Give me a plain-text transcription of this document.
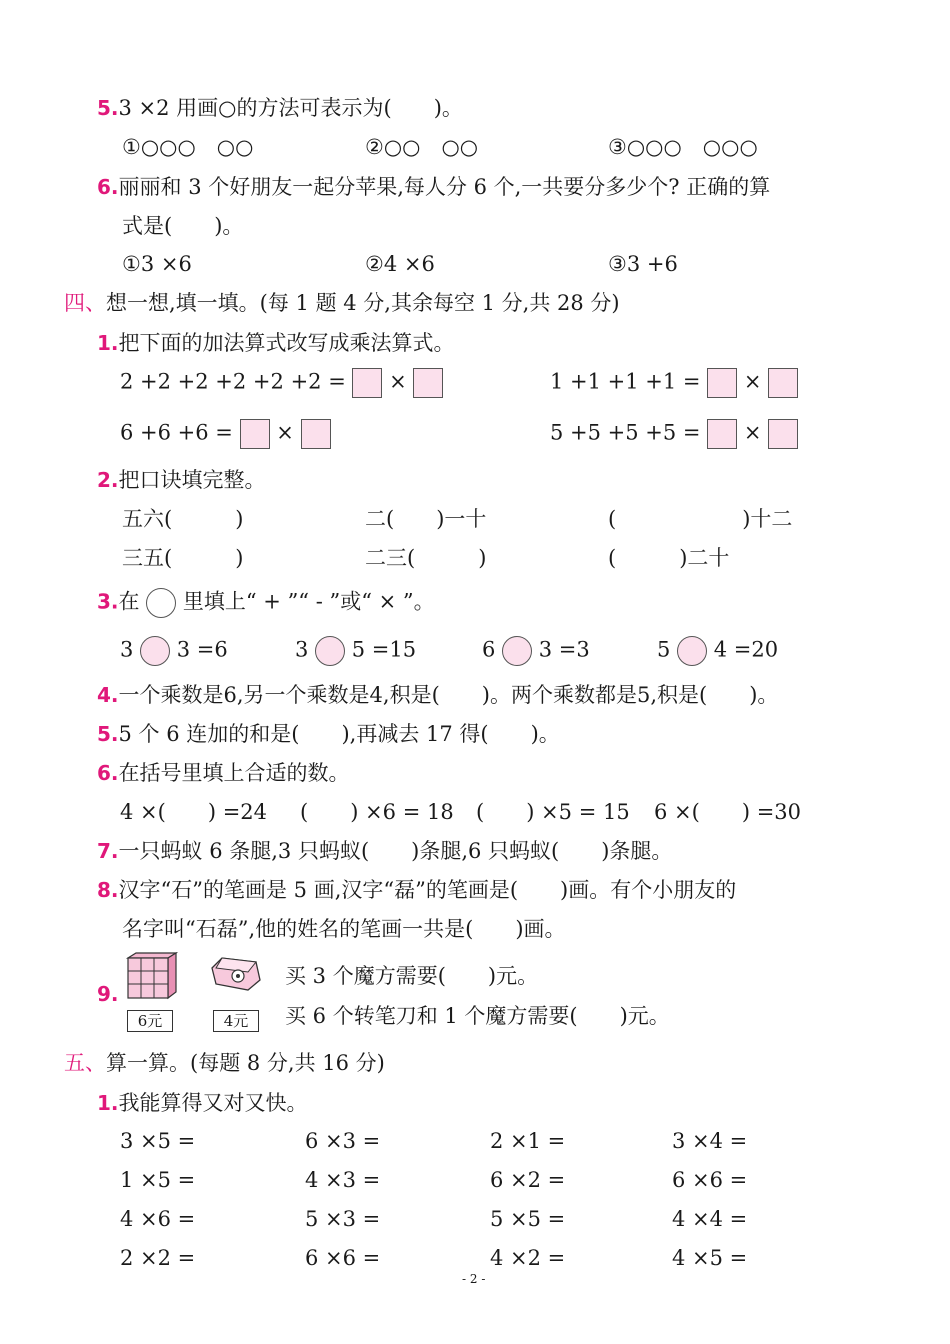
5.3 ×2 用画○的方法可表示为(　　)。
①○○○　○○	②○○　○○	③○○○　○○○
6.丽丽和 3 个好朋友一起分苹果,每人分 6 个,一共要分多少个? 正确的算
式是(　　)。
①3 ×6	②4 ×6	③3 +6
四、想一想,填一填。(每 1 题 4 分,其余每空 1 分,共 28 分)
1.把下面的加法算式改写成乘法算式。
2 +2 +2 +2 +2 +2 = ×	1 +1 +1 +1 = ×
6 +6 +6 = ×	5 +5 +5 +5 = ×
2.把口诀填完整。
五六(　　　)	二(　　)一十	(　　　　　　)十二
三五(　　　)	二三(　　　)	(　　　)二十
3.在 里填上“ + ”“ - ”或“ × ”。
3 3 =6	3 5 =15	6 3 =3	5 4 =20
4.一个乘数是6,另一个乘数是4,积是(　　)。两个乘数都是5,积是(　　)。
5.5 个 6 连加的和是(　　),再减去 17 得(　　)。
6.在括号里填上合适的数。
4 ×(　　) =24 (　　) ×6 = 18 (　　) ×5 = 15 6 ×(　　) =30
7.一只蚂蚁 6 条腿,3 只蚂蚁(　　)条腿,6 只蚂蚁(　　)条腿。
8.汉字“石”的笔画是 5 画,汉字“磊”的笔画是(　　)画。有个小朋友的
名字叫“石磊”,他的姓名的笔画一共是(　　)画。
9.
6元	4元
买 3 个魔方需要(　　)元。
买 6 个转笔刀和 1 个魔方需要(　　)元。
五、算一算。(每题 8 分,共 16 分)
1.我能算得又对又快。
3 ×5 =	6 ×3 =	2 ×1 =	3 ×4 =
1 ×5 =	4 ×3 =	6 ×2 =	6 ×6 =
4 ×6 =	5 ×3 =	5 ×5 =	4 ×4 =
2 ×2 =	6 ×6 =	4 ×2 =	4 ×5 =
- 2 -
